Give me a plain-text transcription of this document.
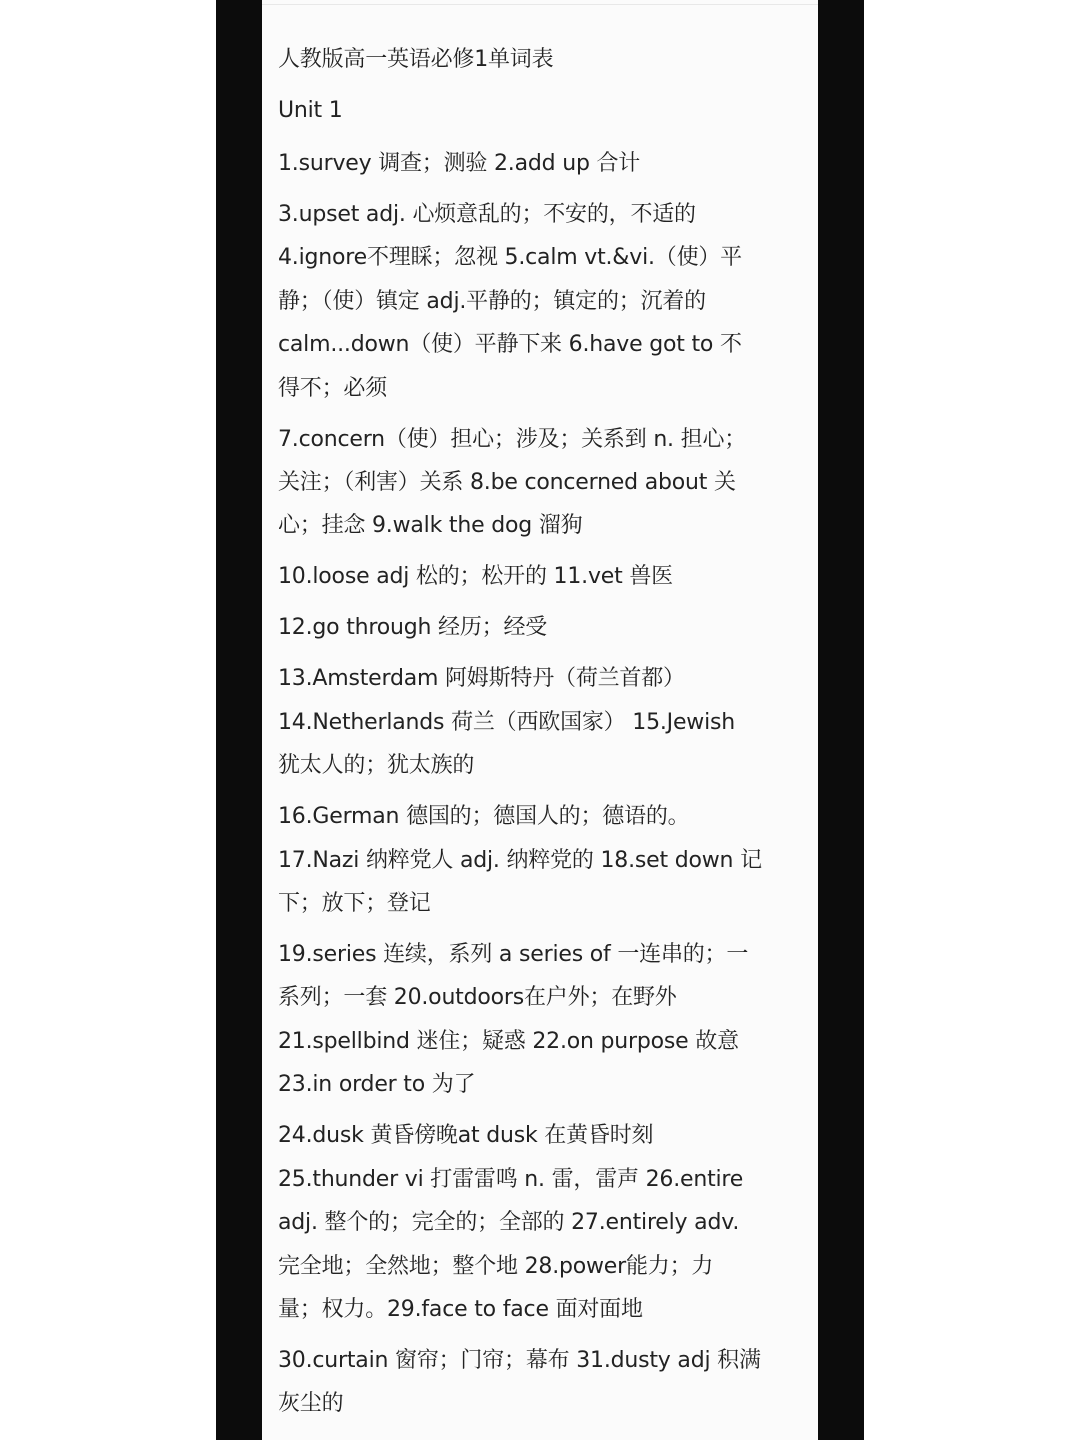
人教版高一英语必修1单词表
Unit 1
1.survey 调查；测验 2.add up 合计
3.upset adj. 心烦意乱的；不安的，不适的
4.ignore不理睬；忽视 5.calm vt.&vi.（使）平
静；（使）镇定 adj.平静的；镇定的；沉着的
calm...down（使）平静下来 6.have got to 不
得不；必须
7.concern（使）担心；涉及；关系到 n. 担心；
关注；（利害）关系 8.be concerned about 关
心；挂念 9.walk the dog 溜狗
10.loose adj 松的；松开的 11.vet 兽医
12.go through 经历；经受
13.Amsterdam 阿姆斯特丹（荷兰首都）
14.Netherlands 荷兰（西欧国家） 15.Jewish
犹太人的；犹太族的
16.German 德国的；德国人的；德语的。
17.Nazi 纳粹党人 adj. 纳粹党的 18.set down 记
下；放下；登记
19.series 连续，系列 a series of 一连串的；一
系列；一套 20.outdoors在户外；在野外
21.spellbind 迷住；疑惑 22.on purpose 故意
23.in order to 为了
24.dusk 黄昏傍晚at dusk 在黄昏时刻
25.thunder vi 打雷雷鸣 n. 雷，雷声 26.entire
adj. 整个的；完全的；全部的 27.entirely adv.
完全地；全然地；整个地 28.power能力；力
量；权力。29.face to face 面对面地
30.curtain 窗帘；门帘；幕布 31.dusty adj 积满
灰尘的
